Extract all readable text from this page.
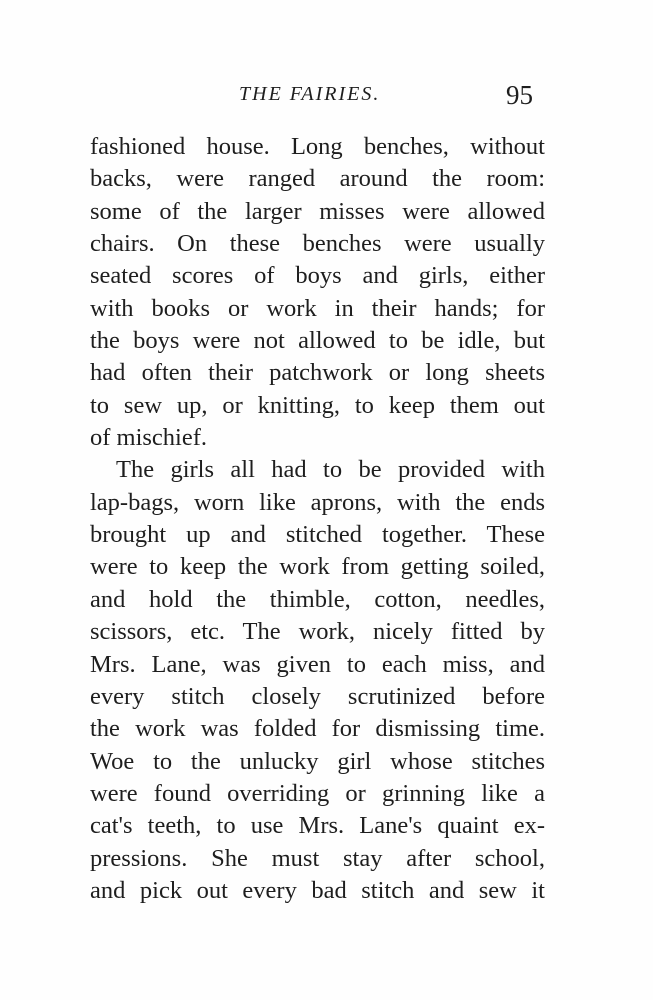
THE FAIRIES.	95
fashioned house. Long benches, without
backs, were ranged around the room:
some of the larger misses were allowed
chairs. On these benches were usually
seated scores of boys and girls, either
with books or work in their hands; for
the boys were not allowed to be idle, but
had often their patchwork or long sheets
to sew up, or knitting, to keep them out
of mischief.
The girls all had to be provided with
lap-bags, worn like aprons, with the ends
brought up and stitched together. These
were to keep the work from getting soiled,
and hold the thimble, cotton, needles,
scissors, etc. The work, nicely fitted by
Mrs. Lane, was given to each miss, and
every stitch closely scrutinized before
the work was folded for dismissing time.
Woe to the unlucky girl whose stitches
were found overriding or grinning like a
cat's teeth, to use Mrs. Lane's quaint ex-
pressions. She must stay after school,
and pick out every bad stitch and sew it
